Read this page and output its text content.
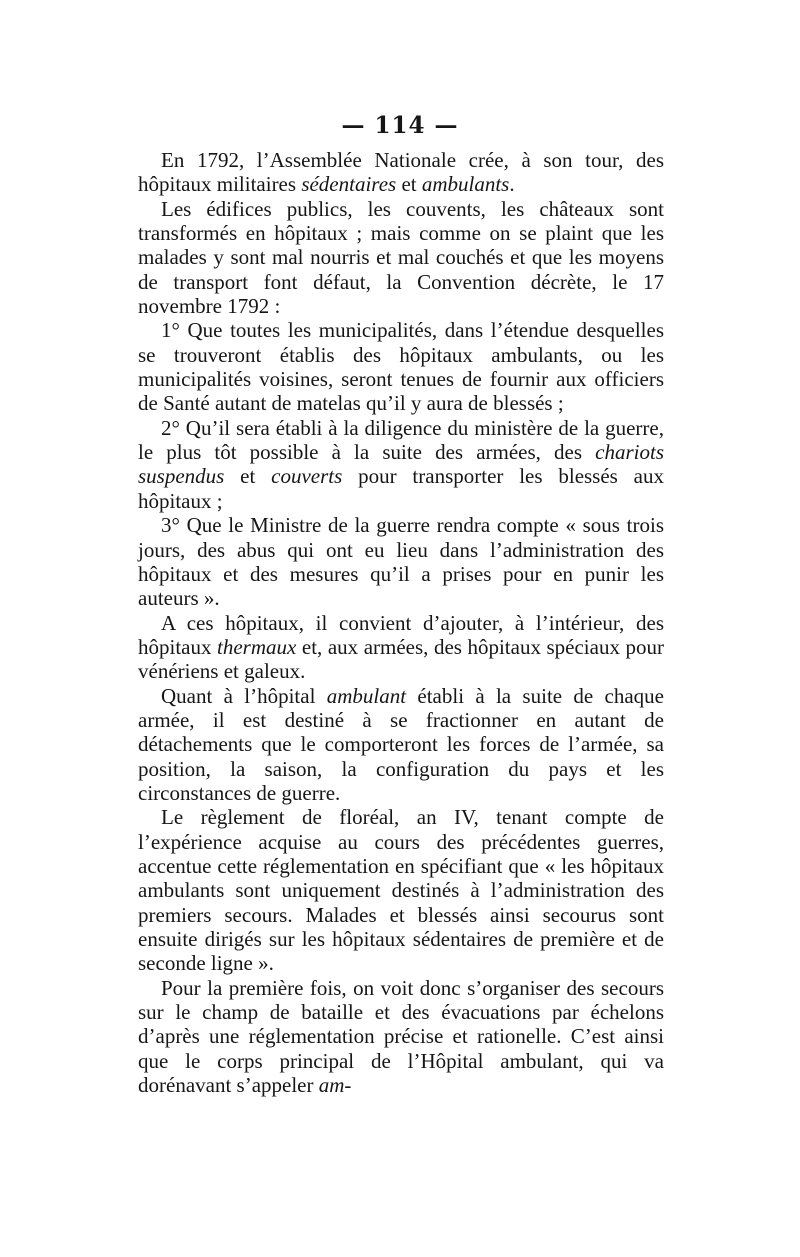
— 114 —

En 1792, l’Assemblée Nationale crée, à son tour, des hôpitaux militaires sédentaires et ambulants.

Les édifices publics, les couvents, les châteaux sont transformés en hôpitaux ; mais comme on se plaint que les malades y sont mal nourris et mal couchés et que les moyens de transport font défaut, la Convention décrète, le 17 novembre 1792 :

1° Que toutes les municipalités, dans l’étendue desquelles se trouveront établis des hôpitaux ambulants, ou les municipalités voisines, seront tenues de fournir aux officiers de Santé autant de matelas qu’il y aura de blessés ;

2° Qu’il sera établi à la diligence du ministère de la guerre, le plus tôt possible à la suite des armées, des chariots suspendus et couverts pour transporter les blessés aux hôpitaux ;

3° Que le Ministre de la guerre rendra compte « sous trois jours, des abus qui ont eu lieu dans l’administration des hôpitaux et des mesures qu’il a prises pour en punir les auteurs ».

A ces hôpitaux, il convient d’ajouter, à l’intérieur, des hôpitaux thermaux et, aux armées, des hôpitaux spéciaux pour vénériens et galeux.

Quant à l’hôpital ambulant établi à la suite de chaque armée, il est destiné à se fractionner en autant de détachements que le comporteront les forces de l’armée, sa position, la saison, la configuration du pays et les circonstances de guerre.

Le règlement de floréal, an IV, tenant compte de l’expérience acquise au cours des précédentes guerres, accentue cette réglementation en spécifiant que « les hôpitaux ambulants sont uniquement destinés à l’administration des premiers secours. Malades et blessés ainsi secourus sont ensuite dirigés sur les hôpitaux sédentaires de première et de seconde ligne ».

Pour la première fois, on voit donc s’organiser des secours sur le champ de bataille et des évacuations par échelons d’après une réglementation précise et rationelle. C’est ainsi que le corps principal de l’Hôpital ambulant, qui va dorénavant s’appeler am-
